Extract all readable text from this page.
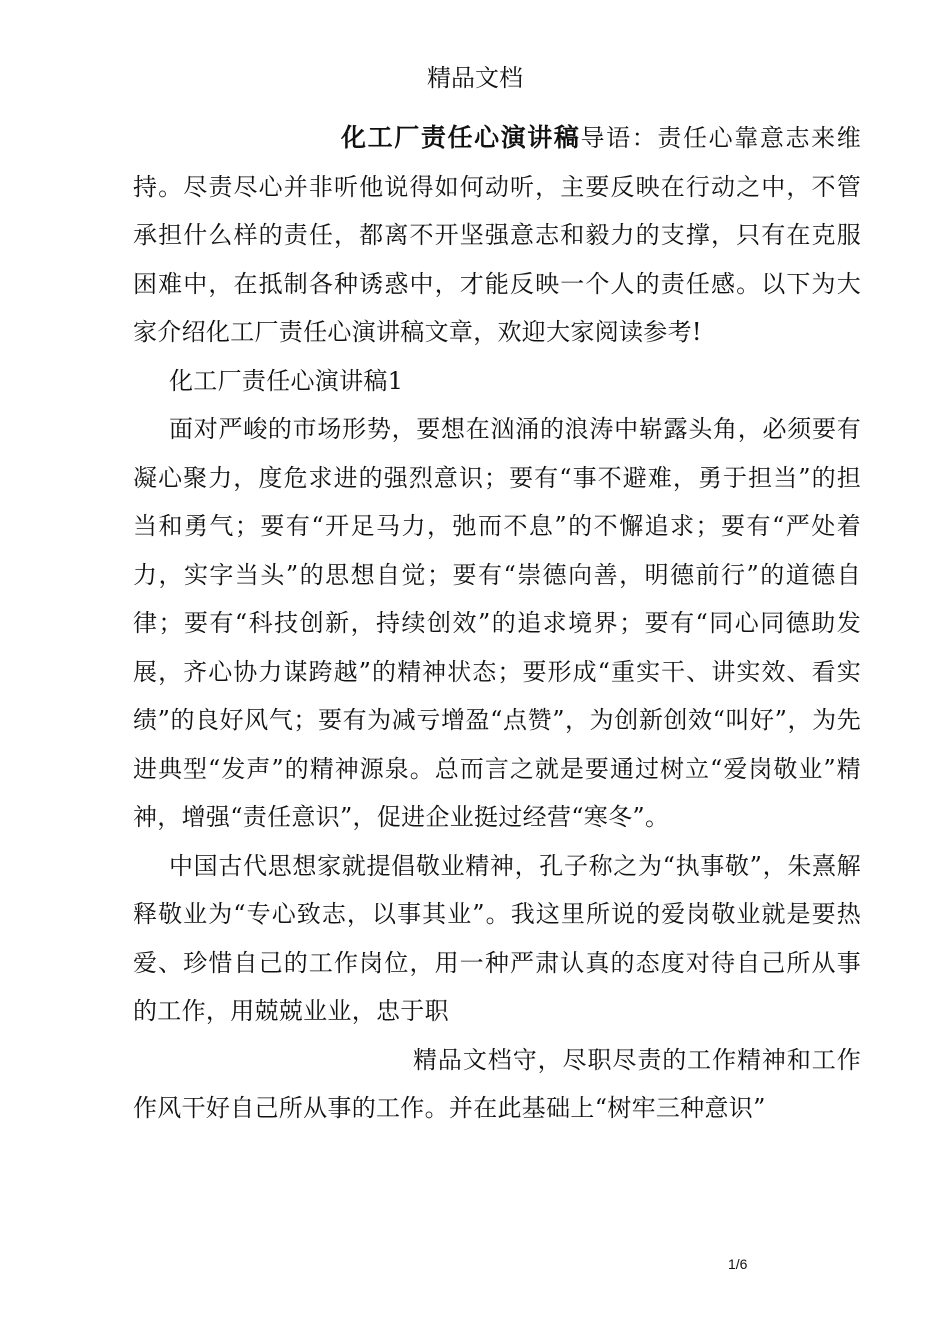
精品文档

化工厂责任心演讲稿导语：责任心靠意志来维持。尽责尽心并非听他说得如何动听，主要反映在行动之中，不管承担什么样的责任，都离不开坚强意志和毅力的支撑，只有在克服困难中，在抵制各种诱惑中，才能反映一个人的责任感。以下为大家介绍化工厂责任心演讲稿文章，欢迎大家阅读参考!

化工厂责任心演讲稿1

面对严峻的市场形势，要想在汹涌的浪涛中崭露头角，必须要有凝心聚力，度危求进的强烈意识；要有“事不避难，勇于担当”的担当和勇气；要有“开足马力，弛而不息”的不懈追求；要有“严处着力，实字当头”的思想自觉；要有“崇德向善，明德前行”的道德自律；要有“科技创新，持续创效”的追求境界；要有“同心同德助发展，齐心协力谋跨越”的精神状态；要形成“重实干、讲实效、看实绩”的良好风气；要有为减亏增盈“点赞”，为创新创效“叫好”，为先进典型“发声”的精神源泉。总而言之就是要通过树立“爱岗敬业”精神，增强“责任意识”，促进企业挺过经营“寒冬”。

中国古代思想家就提倡敬业精神，孔子称之为“执事敬”，朱熹解释敬业为“专心致志，以事其业”。我这里所说的爱岗敬业就是要热爱、珍惜自己的工作岗位，用一种严肃认真的态度对待自己所从事的工作，用兢兢业业，忠于职

精品文档守，尽职尽责的工作精神和工作作风干好自己所从事的工作。并在此基础上“树牢三种意识”

1/6
